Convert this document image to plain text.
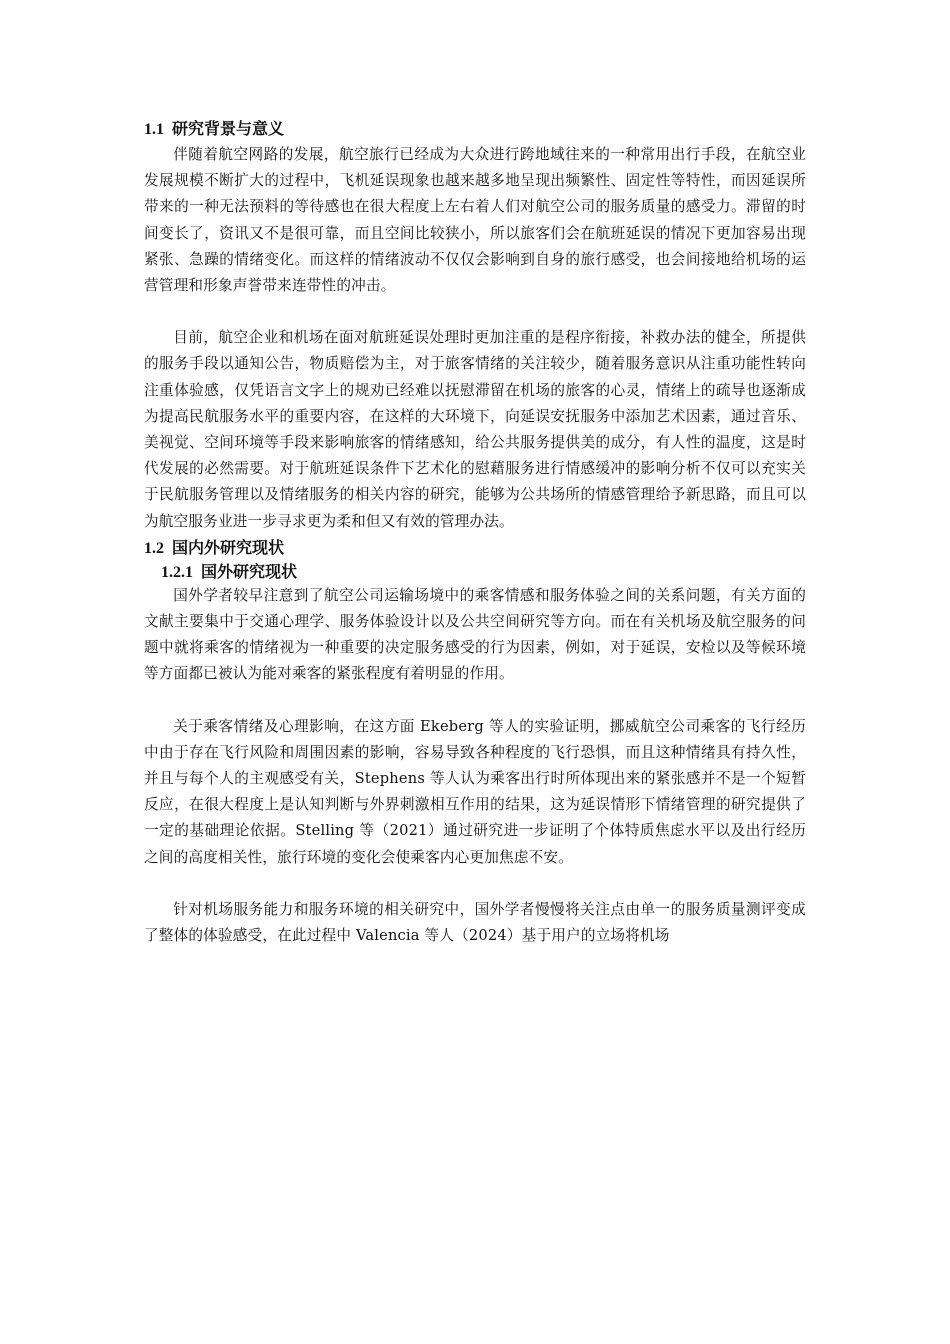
1.1 研究背景与意义

伴随着航空网路的发展，航空旅行已经成为大众进行跨地域往来的一种常用出行手段，在航空业发展规模不断扩大的过程中，飞机延误现象也越来越多地呈现出频繁性、固定性等特性，而因延误所带来的一种无法预料的等待感也在很大程度上左右着人们对航空公司的服务质量的感受力。滞留的时间变长了，资讯又不是很可靠，而且空间比较狭小，所以旅客们会在航班延误的情况下更加容易出现紧张、急躁的情绪变化。而这样的情绪波动不仅仅会影响到自身的旅行感受，也会间接地给机场的运营管理和形象声誉带来连带性的冲击。

目前，航空企业和机场在面对航班延误处理时更加注重的是程序衔接，补救办法的健全，所提供的服务手段以通知公告，物质赔偿为主，对于旅客情绪的关注较少，随着服务意识从注重功能性转向注重体验感，仅凭语言文字上的规劝已经难以抚慰滞留在机场的旅客的心灵，情绪上的疏导也逐渐成为提高民航服务水平的重要内容，在这样的大环境下，向延误安抚服务中添加艺术因素，通过音乐、美视觉、空间环境等手段来影响旅客的情绪感知，给公共服务提供美的成分，有人性的温度，这是时代发展的必然需要。对于航班延误条件下艺术化的慰藉服务进行情感缓冲的影响分析不仅可以充实关于民航服务管理以及情绪服务的相关内容的研究，能够为公共场所的情感管理给予新思路，而且可以为航空服务业进一步寻求更为柔和但又有效的管理办法。

1.2 国内外研究现状
1.2.1 国外研究现状

国外学者较早注意到了航空公司运输场境中的乘客情感和服务体验之间的关系问题，有关方面的文献主要集中于交通心理学、服务体验设计以及公共空间研究等方向。而在有关机场及航空服务的问题中就将乘客的情绪视为一种重要的决定服务感受的行为因素，例如，对于延误，安检以及等候环境等方面都已被认为能对乘客的紧张程度有着明显的作用。

关于乘客情绪及心理影响，在这方面 Ekeberg 等人的实验证明，挪威航空公司乘客的飞行经历中由于存在飞行风险和周围因素的影响，容易导致各种程度的飞行恐惧，而且这种情绪具有持久性，并且与每个人的主观感受有关，Stephens 等人认为乘客出行时所体现出来的紧张感并不是一个短暂反应，在很大程度上是认知判断与外界刺激相互作用的结果，这为延误情形下情绪管理的研究提供了一定的基础理论依据。Stelling 等（2021）通过研究进一步证明了个体特质焦虑水平以及出行经历之间的高度相关性，旅行环境的变化会使乘客内心更加焦虑不安。

针对机场服务能力和服务环境的相关研究中，国外学者慢慢将关注点由单一的服务质量测评变成了整体的体验感受，在此过程中 Valencia 等人（2024）基于用户的立场将机场
